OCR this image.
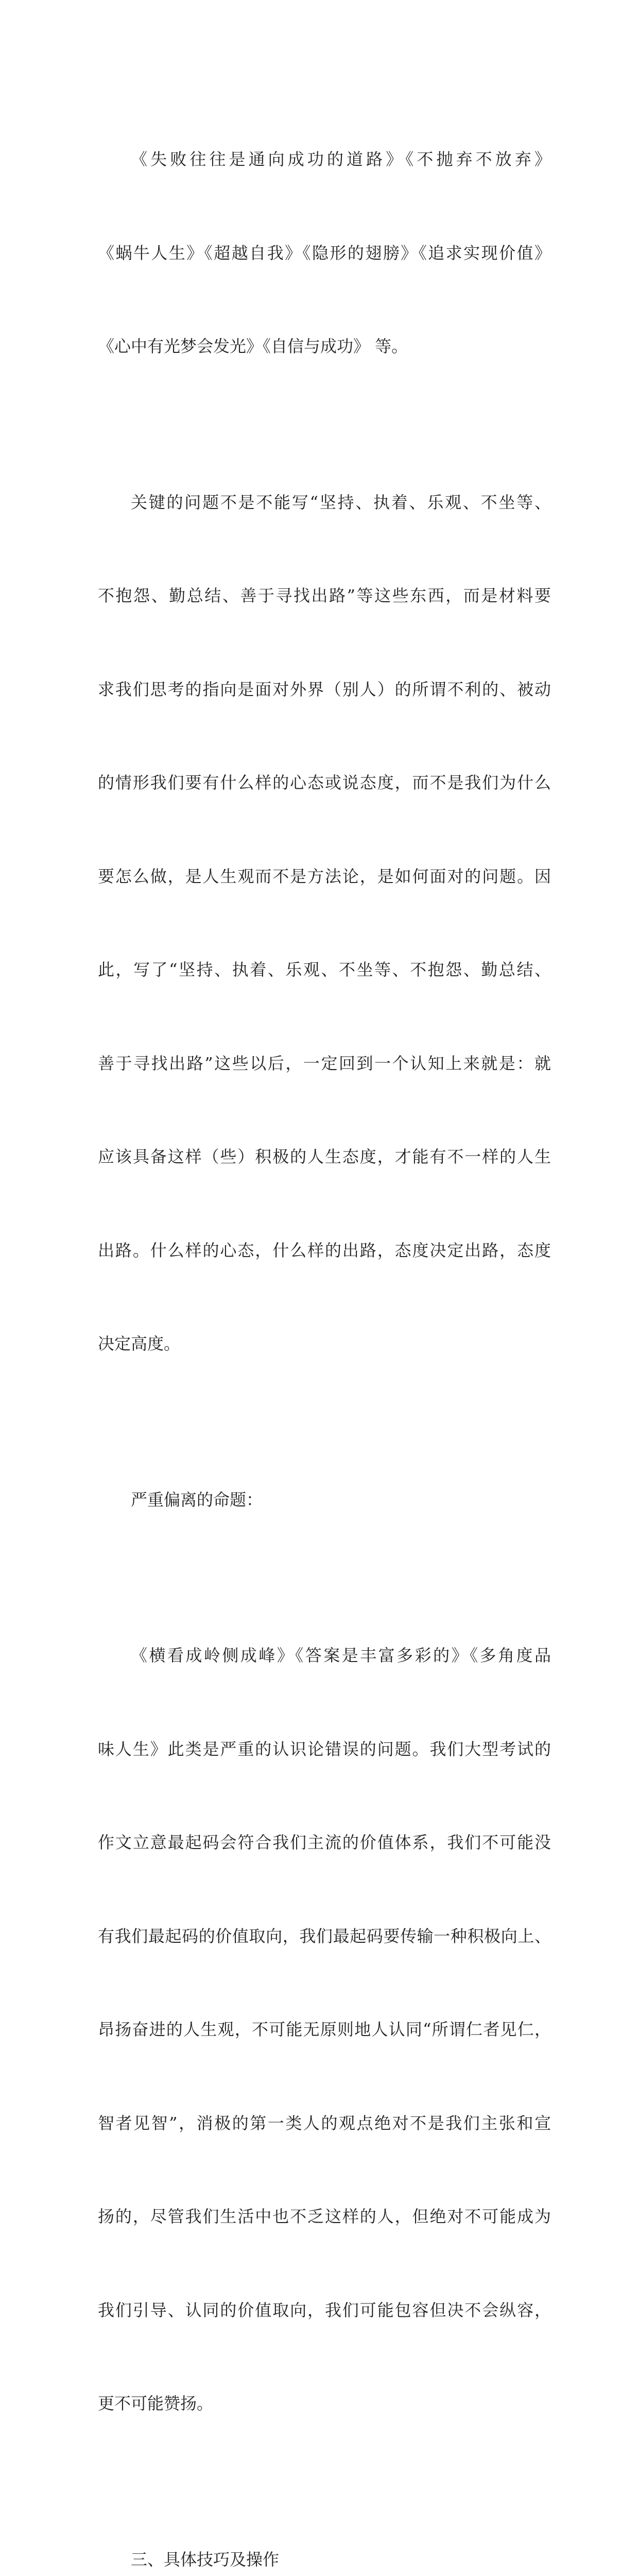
《失败往往是通向成功的道路》《不抛弃不放弃》

《蜗牛人生》《超越自我》《隐形的翅膀》《追求实现价值》

《心中有光梦会发光》《自信与成功》 等。

关键的问题不是不能写“坚持、执着、乐观、不坐等、

不抱怨、勤总结、善于寻找出路”等这些东西，而是材料要

求我们思考的指向是面对外界（别人）的所谓不利的、被动

的情形我们要有什么样的心态或说态度，而不是我们为什么

要怎么做，是人生观而不是方法论，是如何面对的问题。因

此，写了“坚持、执着、乐观、不坐等、不抱怨、勤总结、

善于寻找出路”这些以后，一定回到一个认知上来就是：就

应该具备这样（些）积极的人生态度，才能有不一样的人生

出路。什么样的心态，什么样的出路，态度决定出路，态度

决定高度。

严重偏离的命题：

《横看成岭侧成峰》《答案是丰富多彩的》《多角度品

味人生》此类是严重的认识论错误的问题。我们大型考试的

作文立意最起码会符合我们主流的价值体系，我们不可能没

有我们最起码的价值取向，我们最起码要传输一种积极向上、

昂扬奋进的人生观，不可能无原则地人认同“所谓仁者见仁，

智者见智”，消极的第一类人的观点绝对不是我们主张和宣

扬的，尽管我们生活中也不乏这样的人，但绝对不可能成为

我们引导、认同的价值取向，我们可能包容但决不会纵容，

更不可能赞扬。

三、具体技巧及操作
